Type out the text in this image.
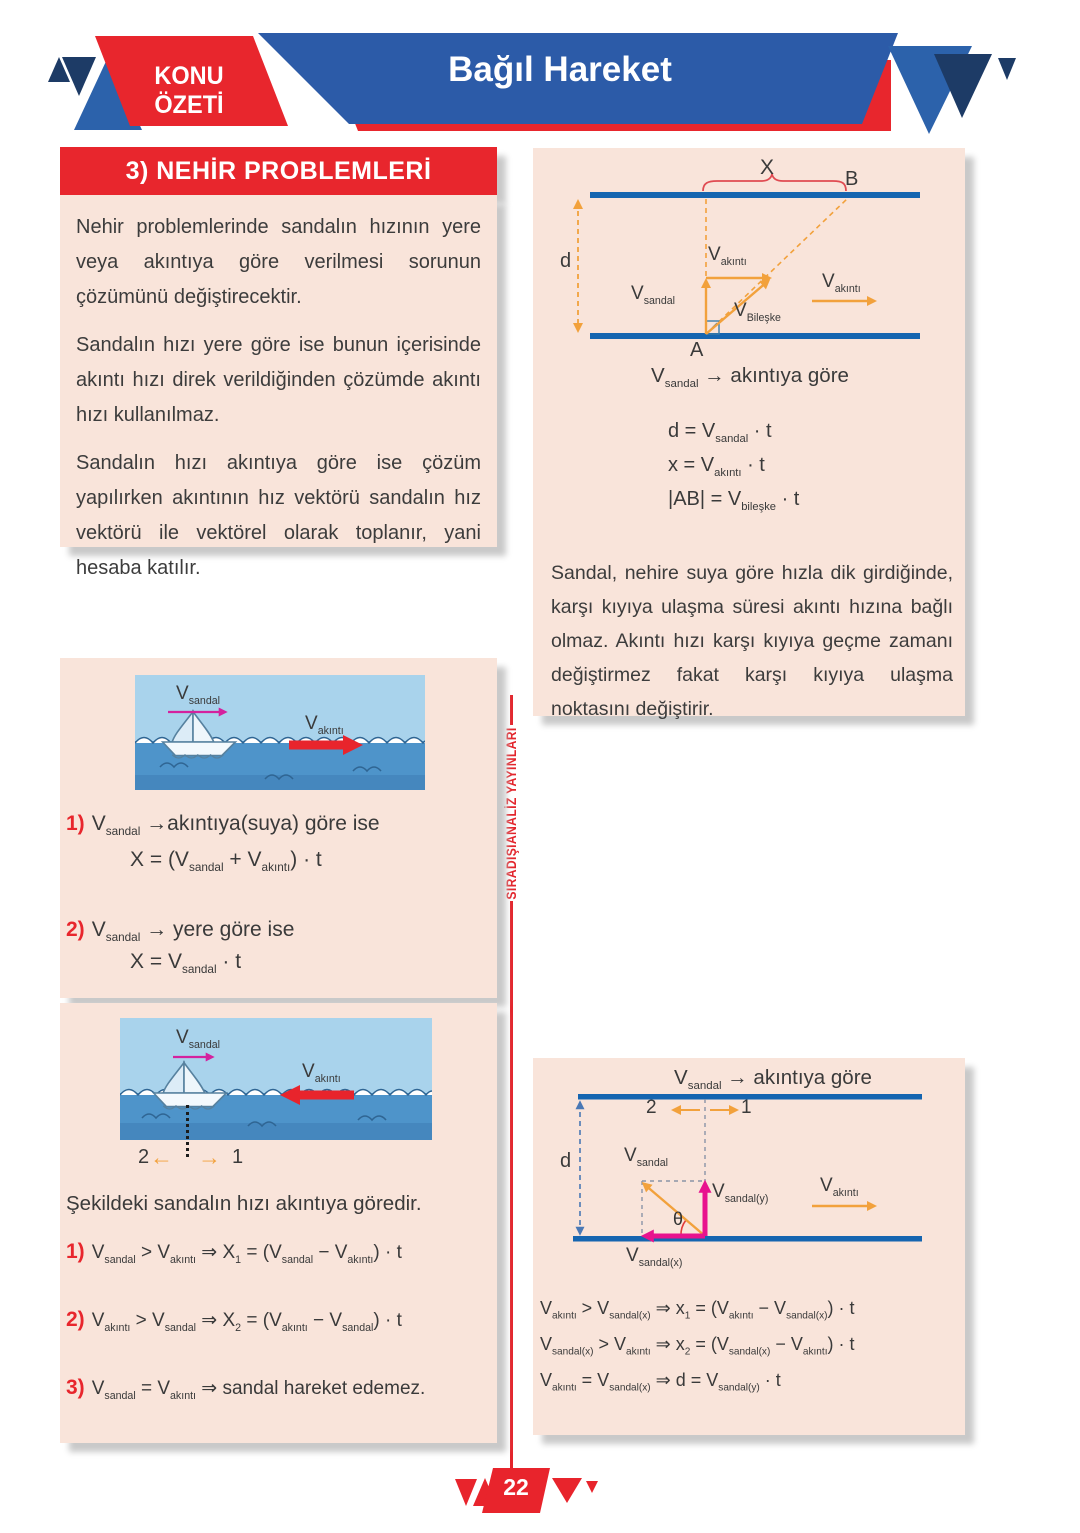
KONU ÖZETİ
Bağıl Hareket
SIRADIŞIANALİZ YAYINLARI
3) NEHİR PROBLEMLERİ

Nehir problemlerinde sandalın hızının yere veya akıntıya göre verilmesi sorunun çözümünü değiştirecektir.

Sandalın hızı yere göre ise bunun içerisinde akıntı hızı direk verildiğinden çözümde akıntı hızı kullanılmaz.

Sandalın hızı akıntıya göre ise çözüm yapılırken akıntının hız vektörü sandalın hız vektörü ile vektörel olarak toplanır, yani hesaba katılır.

$V_{sandal}$
$V_{akıntı}$
1) $V_{sandal}$ →akıntıya(suya) göre ise
$X = (V_{sandal} + V_{akıntı}) \cdot t$
2) $V_{sandal}$ → yere göre ise
$X = V_{sandal} \cdot t$
$V_{sandal}$
$V_{akıntı}$
2 ← → 1
Şekildeki sandalın hızı akıntıya göredir.
1) $V_{sandal} > V_{akıntı}$ ⇒ $X_1 = (V_{sandal} - V_{akıntı}) \cdot t$
2) $V_{akıntı} > V_{sandal}$ ⇒ $X_2 = (V_{akıntı} - V_{sandal}) \cdot t$
3) $V_{sandal} = V_{akıntı}$ ⇒ sandal hareket edemez.
X	B
A
d
$V_{sandal}$
$V_{akıntı}$
$V_{Bileşke}$
$V_{akıntı}$
$V_{sandal}$ → akıntıya göre
$d = V_{sandal} \cdot t$
$x = V_{akıntı} \cdot t$
$|AB| = V_{bileşke} \cdot t$
Sandal, nehire suya göre hızla dik girdiğinde, karşı kıyıya ulaşma süresi akıntı hızına bağlı olmaz. Akıntı hızı karşı kıyıya geçme zamanı değiştirmez fakat karşı kıyıya ulaşma noktasını değiştirir.
$V_{sandal}$ → akıntıya göre
2	1
d	$V_{sandal}$
$V_{sandal(y)}$
$V_{sandal(x)}$
$V_{akıntı}$
θ
$V_{akıntı} > V_{sandal(x)}$ ⇒ $x_1 = (V_{akıntı} - V_{sandal(x)}) \cdot t$
$V_{sandal(x)} > V_{akıntı}$ ⇒ $x_2 = (V_{sandal(x)} - V_{akıntı}) \cdot t$
$V_{akıntı} = V_{sandal(x)}$ ⇒ $d = V_{sandal(y)} \cdot t$
22
